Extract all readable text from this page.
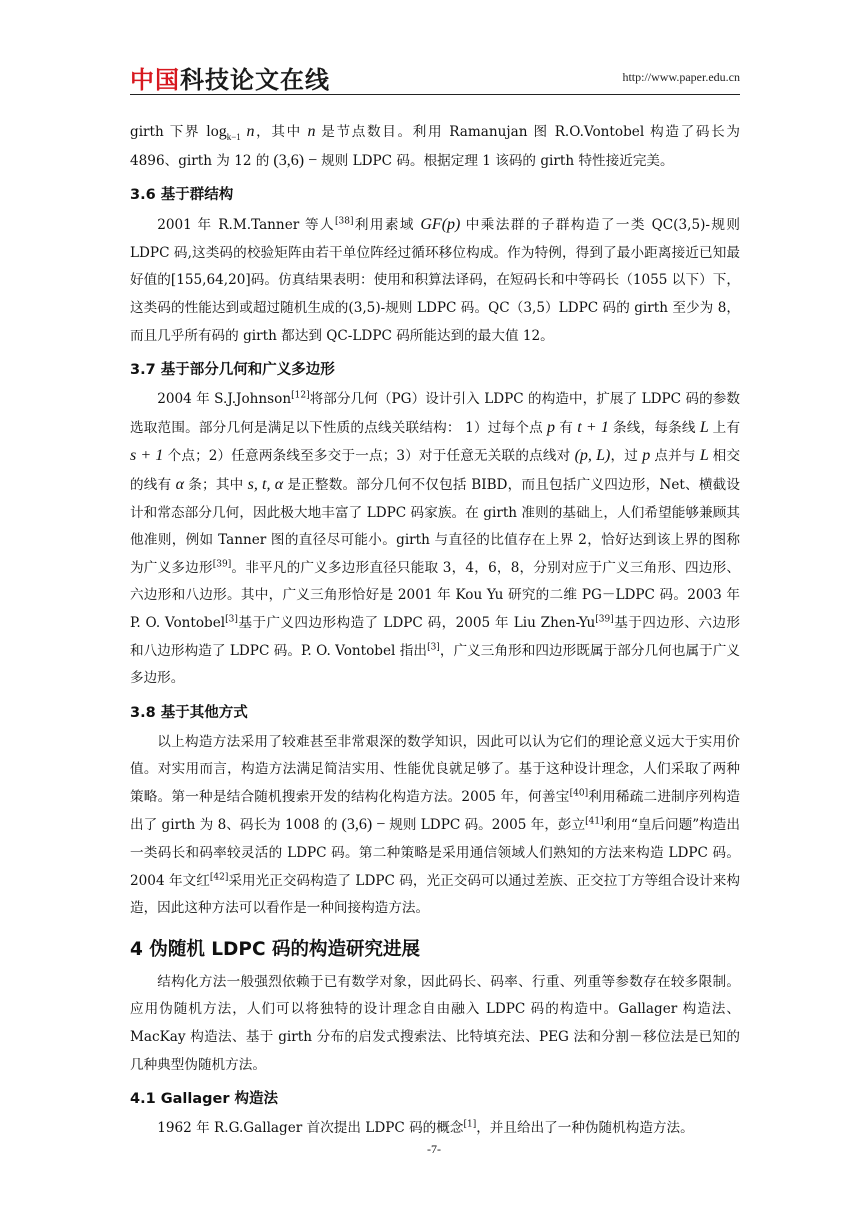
中国科技论文在线	http://www.paper.edu.cn

girth 下界 $\log_{k-1} n$，其中 n 是节点数目。利用 Ramanujan 图 R.O.Vontobel 构造了码长为 4896、girth 为 12 的 (3,6) − 规则 LDPC 码。根据定理 1 该码的 girth 特性接近完美。

3.6 基于群结构

2001 年 R.M.Tanner 等人[38]利用素域 GF(p) 中乘法群的子群构造了一类 QC(3,5)-规则 LDPC 码,这类码的校验矩阵由若干单位阵经过循环移位构成。作为特例，得到了最小距离接近已知最好值的[155,64,20]码。仿真结果表明：使用和积算法译码，在短码长和中等码长（1055 以下）下，这类码的性能达到或超过随机生成的(3,5)-规则 LDPC 码。QC（3,5）LDPC 码的 girth 至少为 8，而且几乎所有码的 girth 都达到 QC-LDPC 码所能达到的最大值 12。

3.7 基于部分几何和广义多边形

2004 年 S.J.Johnson[12]将部分几何（PG）设计引入 LDPC 的构造中，扩展了 LDPC 码的参数选取范围。部分几何是满足以下性质的点线关联结构： 1）过每个点 p 有 t + 1 条线，每条线 L 上有 s + 1 个点；2）任意两条线至多交于一点；3）对于任意无关联的点线对 (p, L)，过 p 点并与 L 相交的线有 α 条；其中 s, t, α 是正整数。部分几何不仅包括 BIBD，而且包括广义四边形，Net、横截设计和常态部分几何，因此极大地丰富了 LDPC 码家族。在 girth 准则的基础上，人们希望能够兼顾其他准则，例如 Tanner 图的直径尽可能小。girth 与直径的比值存在上界 2，恰好达到该上界的图称为广义多边形[39]。非平凡的广义多边形直径只能取 3，4，6，8，分别对应于广义三角形、四边形、六边形和八边形。其中，广义三角形恰好是 2001 年 Kou Yu 研究的二维 PG－LDPC 码。2003 年 P. O. Vontobel[3]基于广义四边形构造了 LDPC 码，2005 年 Liu Zhen-Yu[39]基于四边形、六边形和八边形构造了 LDPC 码。P. O. Vontobel 指出[3]，广义三角形和四边形既属于部分几何也属于广义多边形。

3.8 基于其他方式

以上构造方法采用了较难甚至非常艰深的数学知识，因此可以认为它们的理论意义远大于实用价值。对实用而言，构造方法满足简洁实用、性能优良就足够了。基于这种设计理念，人们采取了两种策略。第一种是结合随机搜索开发的结构化构造方法。2005 年，何善宝[40]利用稀疏二进制序列构造出了 girth 为 8、码长为 1008 的 (3,6) − 规则 LDPC 码。2005 年，彭立[41]利用“皇后问题”构造出一类码长和码率较灵活的 LDPC 码。第二种策略是采用通信领域人们熟知的方法来构造 LDPC 码。2004 年文红[42]采用光正交码构造了 LDPC 码，光正交码可以通过差族、正交拉丁方等组合设计来构造，因此这种方法可以看作是一种间接构造方法。

4 伪随机 LDPC 码的构造研究进展

结构化方法一般强烈依赖于已有数学对象，因此码长、码率、行重、列重等参数存在较多限制。应用伪随机方法，人们可以将独特的设计理念自由融入 LDPC 码的构造中。Gallager 构造法、MacKay 构造法、基于 girth 分布的启发式搜索法、比特填充法、PEG 法和分割－移位法是已知的几种典型伪随机方法。

4.1 Gallager 构造法

1962 年 R.G.Gallager 首次提出 LDPC 码的概念[1]，并且给出了一种伪随机构造方法。

-7-
